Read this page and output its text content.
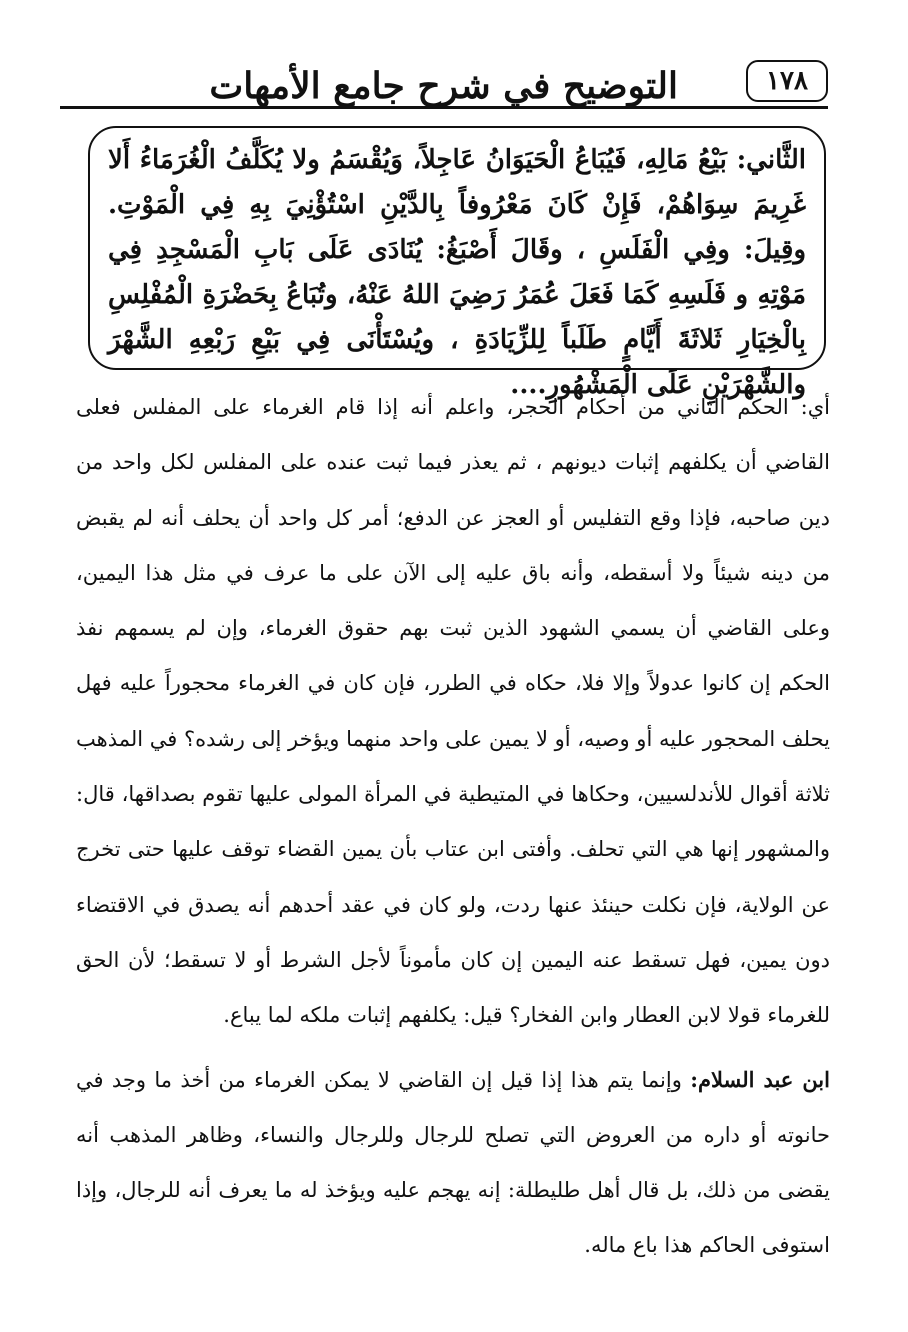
التوضيح في شرح جامع الأمهات	١٧٨

الثَّاني: بَيْعُ مَالِهِ، فَيُبَاعُ الْحَيَوَانُ عَاجِلاً، وَيُقْسَمُ ولا يُكَلَّفُ الْغُرَمَاءُ أَلا غَرِيمَ سِوَاهُمْ، فَإِنْ كَانَ مَعْرُوفاً بِالدَّيْنِ اسْتُؤْنِيَ بِهِ فِي الْمَوْتِ. وقِيلَ: وفِي الْفَلَسِ ، وقَالَ أَصْبَغُ: يُنَادَى عَلَى بَابِ الْمَسْجِدِ فِي مَوْتِهِ و فَلَسِهِ كَمَا فَعَلَ عُمَرُ رَضِيَ اللهُ عَنْهُ، وتُبَاعُ بِحَضْرَةِ الْمُفْلِسِ بِالْخِيَارِ ثَلاثَةَ أَيَّامٍ طَلَباً لِلزِّيَادَةِ ، ويُسْتَأْنَى فِي بَيْعِ رَبْعِهِ الشَّهْرَ والشَّهْرَيْنِ عَلَى الْمَشْهُورِ....

أي: الحكم الثاني من أحكام الحجر، واعلم أنه إذا قام الغرماء على المفلس فعلى القاضي أن يكلفهم إثبات ديونهم ، ثم يعذر فيما ثبت عنده على المفلس لكل واحد من دين صاحبه، فإذا وقع التفليس أو العجز عن الدفع؛ أمر كل واحد أن يحلف أنه لم يقبض من دينه شيئاً ولا أسقطه، وأنه باق عليه إلى الآن على ما عرف في مثل هذا اليمين، وعلى القاضي أن يسمي الشهود الذين ثبت بهم حقوق الغرماء، وإن لم يسمهم نفذ الحكم إن كانوا عدولاً وإلا فلا، حكاه في الطرر، فإن كان في الغرماء محجوراً عليه فهل يحلف المحجور عليه أو وصيه، أو لا يمين على واحد منهما ويؤخر إلى رشده؟ في المذهب ثلاثة أقوال للأندلسيين، وحكاها في المتيطية في المرأة المولى عليها تقوم بصداقها، قال: والمشهور إنها هي التي تحلف. وأفتى ابن عتاب بأن يمين القضاء توقف عليها حتى تخرج عن الولاية، فإن نكلت حينئذ عنها ردت، ولو كان في عقد أحدهم أنه يصدق في الاقتضاء دون يمين، فهل تسقط عنه اليمين إن كان مأموناً لأجل الشرط أو لا تسقط؛ لأن الحق للغرماء قولا لابن العطار وابن الفخار؟ قيل: يكلفهم إثبات ملكه لما يباع.

ابن عبد السلام: وإنما يتم هذا إذا قيل إن القاضي لا يمكن الغرماء من أخذ ما وجد في حانوته أو داره من العروض التي تصلح للرجال وللرجال والنساء، وظاهر المذهب أنه يقضى من ذلك، بل قال أهل طليطلة: إنه يهجم عليه ويؤخذ له ما يعرف أنه للرجال، وإذا استوفى الحاكم هذا باع ماله.
